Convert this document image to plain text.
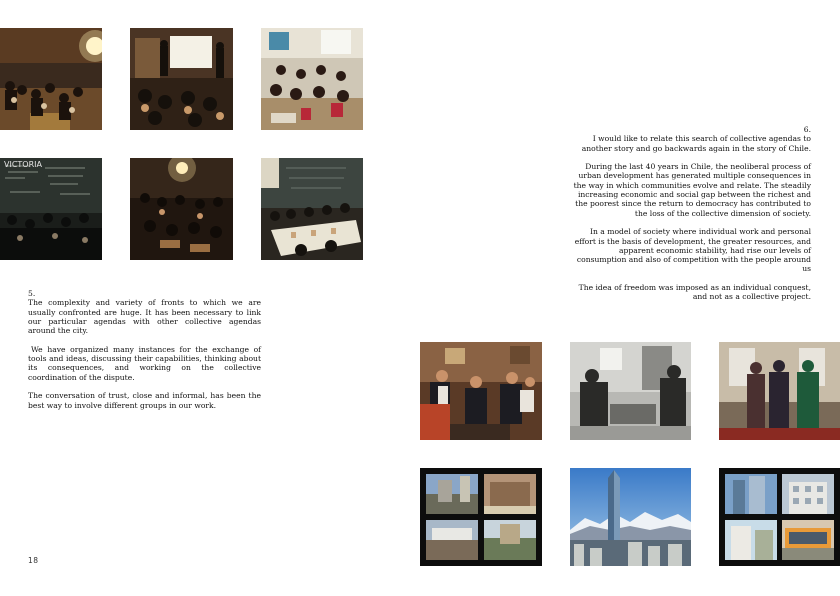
VICTORIA

5.

The complexity and variety of fronts to which we are usually confronted are huge. It has been necessary to link our particular agendas with other collective agendas around the city.

We have organized many instances for the exchange of tools and ideas, discussing their capabilities, thinking about its consequences, and working on the collective coordination of the dispute.

The conversation of trust, close and informal, has been the best way to involve different groups in our work.

18

6.

I would like to relate this search of collective agendas to another story and go backwards again in the story of Chile.

During the last 40 years in Chile, the neoliberal process of urban development has generated multiple consequences in the way in which communities evolve and relate. The steadily increasing economic and social gap between the richest and the poorest since the return to democracy has contributed to the loss of the collective dimension of society.

In a model of society where individual work and personal effort is the basis of development, the greater resources, and apparent economic stability, had rise our levels of consumption and also of competition with the people around us

The idea of freedom was imposed as an individual conquest, and not as a collective project.
